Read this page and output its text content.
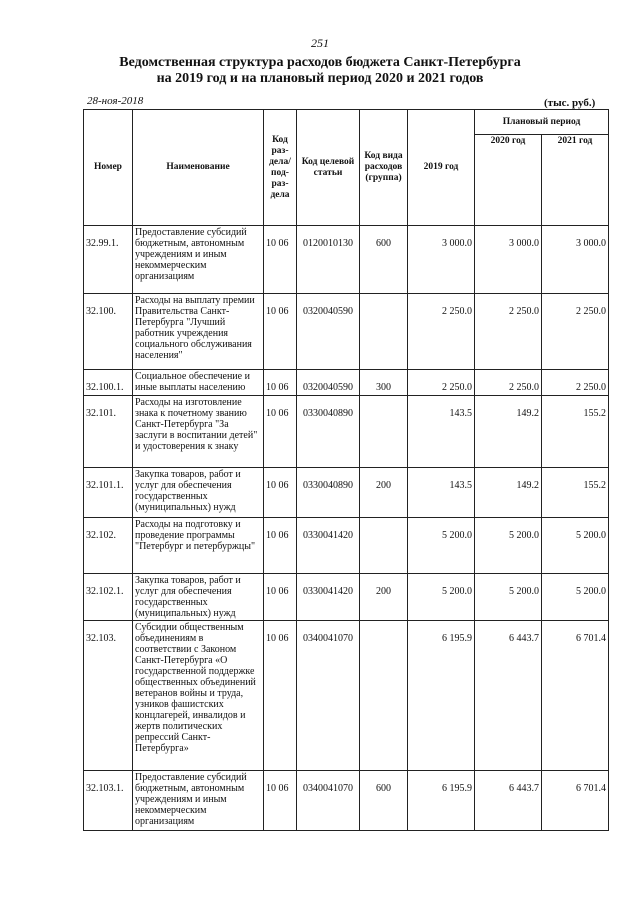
251
Ведомственная структура расходов бюджета Санкт-Петербурга
на 2019 год и на плановый период 2020 и 2021 годов
28-ноя-2018	(тыс. руб.)
Номер	Наименование	Код раз-дела/под-раз-дела	Код целевой статьи	Код вида расходов (группа)	2019 год	Плановый период	
						2020 год	2021 год
32.99.1.	Предоставление субсидий бюджетным, автономным учреждениям и иным некоммерческим организациям	10 06	0120010130	600	3 000.0	3 000.0	3 000.0
32.100.	Расходы на выплату премии Правительства Санкт-Петербурга "Лучший работник учреждения социального обслуживания населения"	10 06	0320040590		2 250.0	2 250.0	2 250.0
32.100.1.	Социальное обеспечение и иные выплаты населению	10 06	0320040590	300	2 250.0	2 250.0	2 250.0
32.101.	Расходы на изготовление знака к почетному званию Санкт-Петербурга "За заслуги в воспитании детей" и удостоверения к знаку	10 06	0330040890		143.5	149.2	155.2
32.101.1.	Закупка товаров, работ и услуг для обеспечения государственных (муниципальных) нужд	10 06	0330040890	200	143.5	149.2	155.2
32.102.	Расходы на подготовку и проведение программы "Петербург и петербуржцы"	10 06	0330041420		5 200.0	5 200.0	5 200.0
32.102.1.	Закупка товаров, работ и услуг для обеспечения государственных (муниципальных) нужд	10 06	0330041420	200	5 200.0	5 200.0	5 200.0
32.103.	Субсидии общественным объединениям в соответствии с Законом Санкт-Петербурга «О государственной поддержке общественных объединений ветеранов войны и труда, узников фашистских концлагерей, инвалидов и жертв политических репрессий Санкт-Петербурга»	10 06	0340041070		6 195.9	6 443.7	6 701.4
32.103.1.	Предоставление субсидий бюджетным, автономным учреждениям и иным некоммерческим организациям	10 06	0340041070	600	6 195.9	6 443.7	6 701.4
